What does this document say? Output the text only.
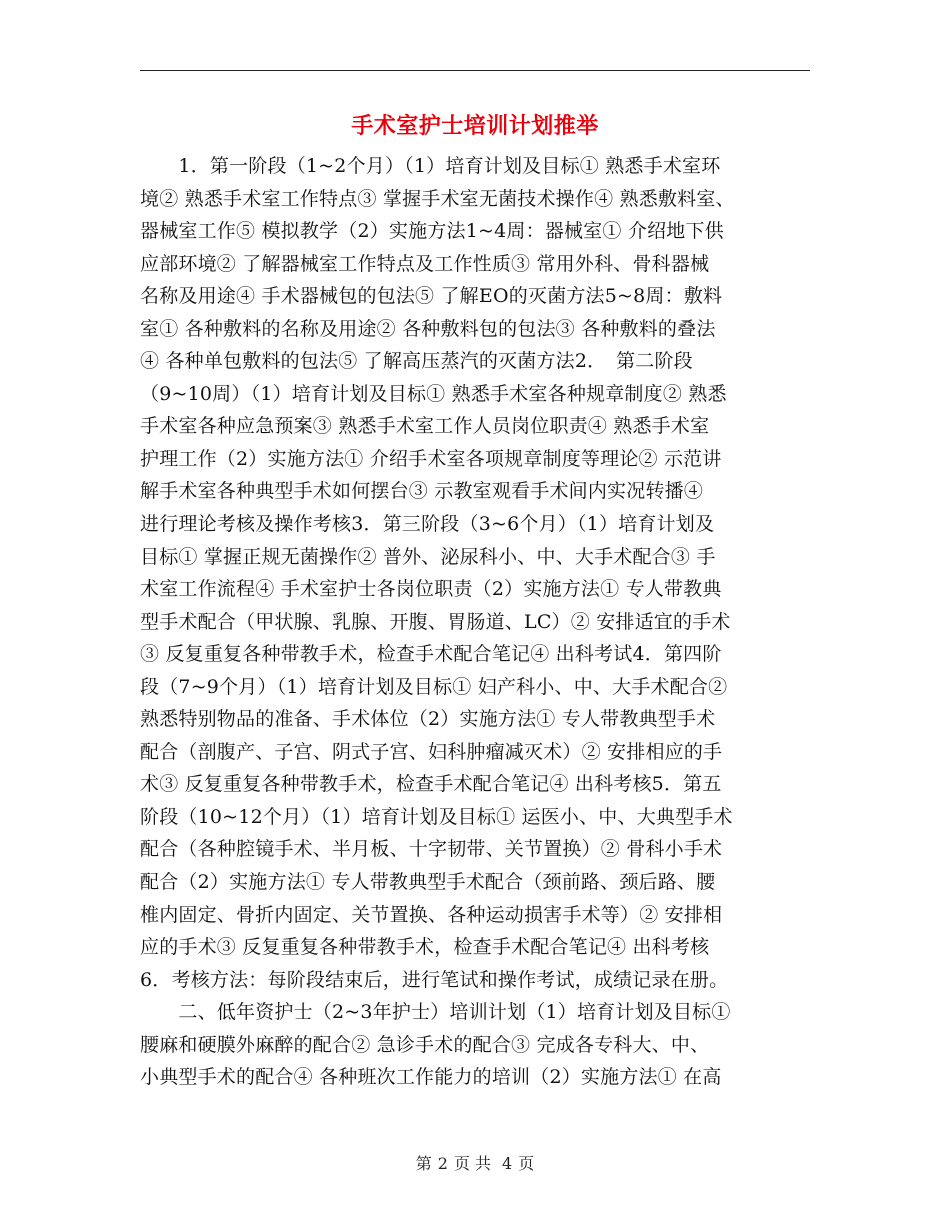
手术室护士培训计划推举
　　1．第一阶段（1~2个月）（1）培育计划及目标① 熟悉手术室环
境② 熟悉手术室工作特点③ 掌握手术室无菌技术操作④ 熟悉敷料室、
器械室工作⑤ 模拟教学（2）实施方法1~4周：器械室① 介绍地下供
应部环境② 了解器械室工作特点及工作性质③ 常用外科、骨科器械
名称及用途④ 手术器械包的包法⑤ 了解EO的灭菌方法5~8周：敷料
室① 各种敷料的名称及用途② 各种敷料包的包法③ 各种敷料的叠法
④ 各种单包敷料的包法⑤ 了解高压蒸汽的灭菌方法2．　第二阶段
（9~10周）（1）培育计划及目标① 熟悉手术室各种规章制度② 熟悉
手术室各种应急预案③ 熟悉手术室工作人员岗位职责④ 熟悉手术室
护理工作（2）实施方法① 介绍手术室各项规章制度等理论② 示范讲
解手术室各种典型手术如何摆台③ 示教室观看手术间内实况转播④
进行理论考核及操作考核3．第三阶段（3~6个月）（1）培育计划及
目标① 掌握正规无菌操作② 普外、泌尿科小、中、大手术配合③ 手
术室工作流程④ 手术室护士各岗位职责（2）实施方法① 专人带教典
型手术配合（甲状腺、乳腺、开腹、胃肠道、LC）② 安排适宜的手术
③ 反复重复各种带教手术，检查手术配合笔记④ 出科考试4．第四阶
段（7~9个月）（1）培育计划及目标① 妇产科小、中、大手术配合②
熟悉特别物品的准备、手术体位（2）实施方法① 专人带教典型手术
配合（剖腹产、子宫、阴式子宫、妇科肿瘤减灭术）② 安排相应的手
术③ 反复重复各种带教手术，检查手术配合笔记④ 出科考核5．第五
阶段（10~12个月）（1）培育计划及目标① 运医小、中、大典型手术
配合（各种腔镜手术、半月板、十字韧带、关节置换）② 骨科小手术
配合（2）实施方法① 专人带教典型手术配合（颈前路、颈后路、腰
椎内固定、骨折内固定、关节置换、各种运动损害手术等）② 安排相
应的手术③ 反复重复各种带教手术，检查手术配合笔记④ 出科考核
6．考核方法：每阶段结束后，进行笔试和操作考试，成绩记录在册。
　　二、低年资护士（2~3年护士）培训计划（1）培育计划及目标①
腰麻和硬膜外麻醉的配合② 急诊手术的配合③ 完成各专科大、中、
小典型手术的配合④ 各种班次工作能力的培训（2）实施方法① 在高
第 2 页 共 4 页
